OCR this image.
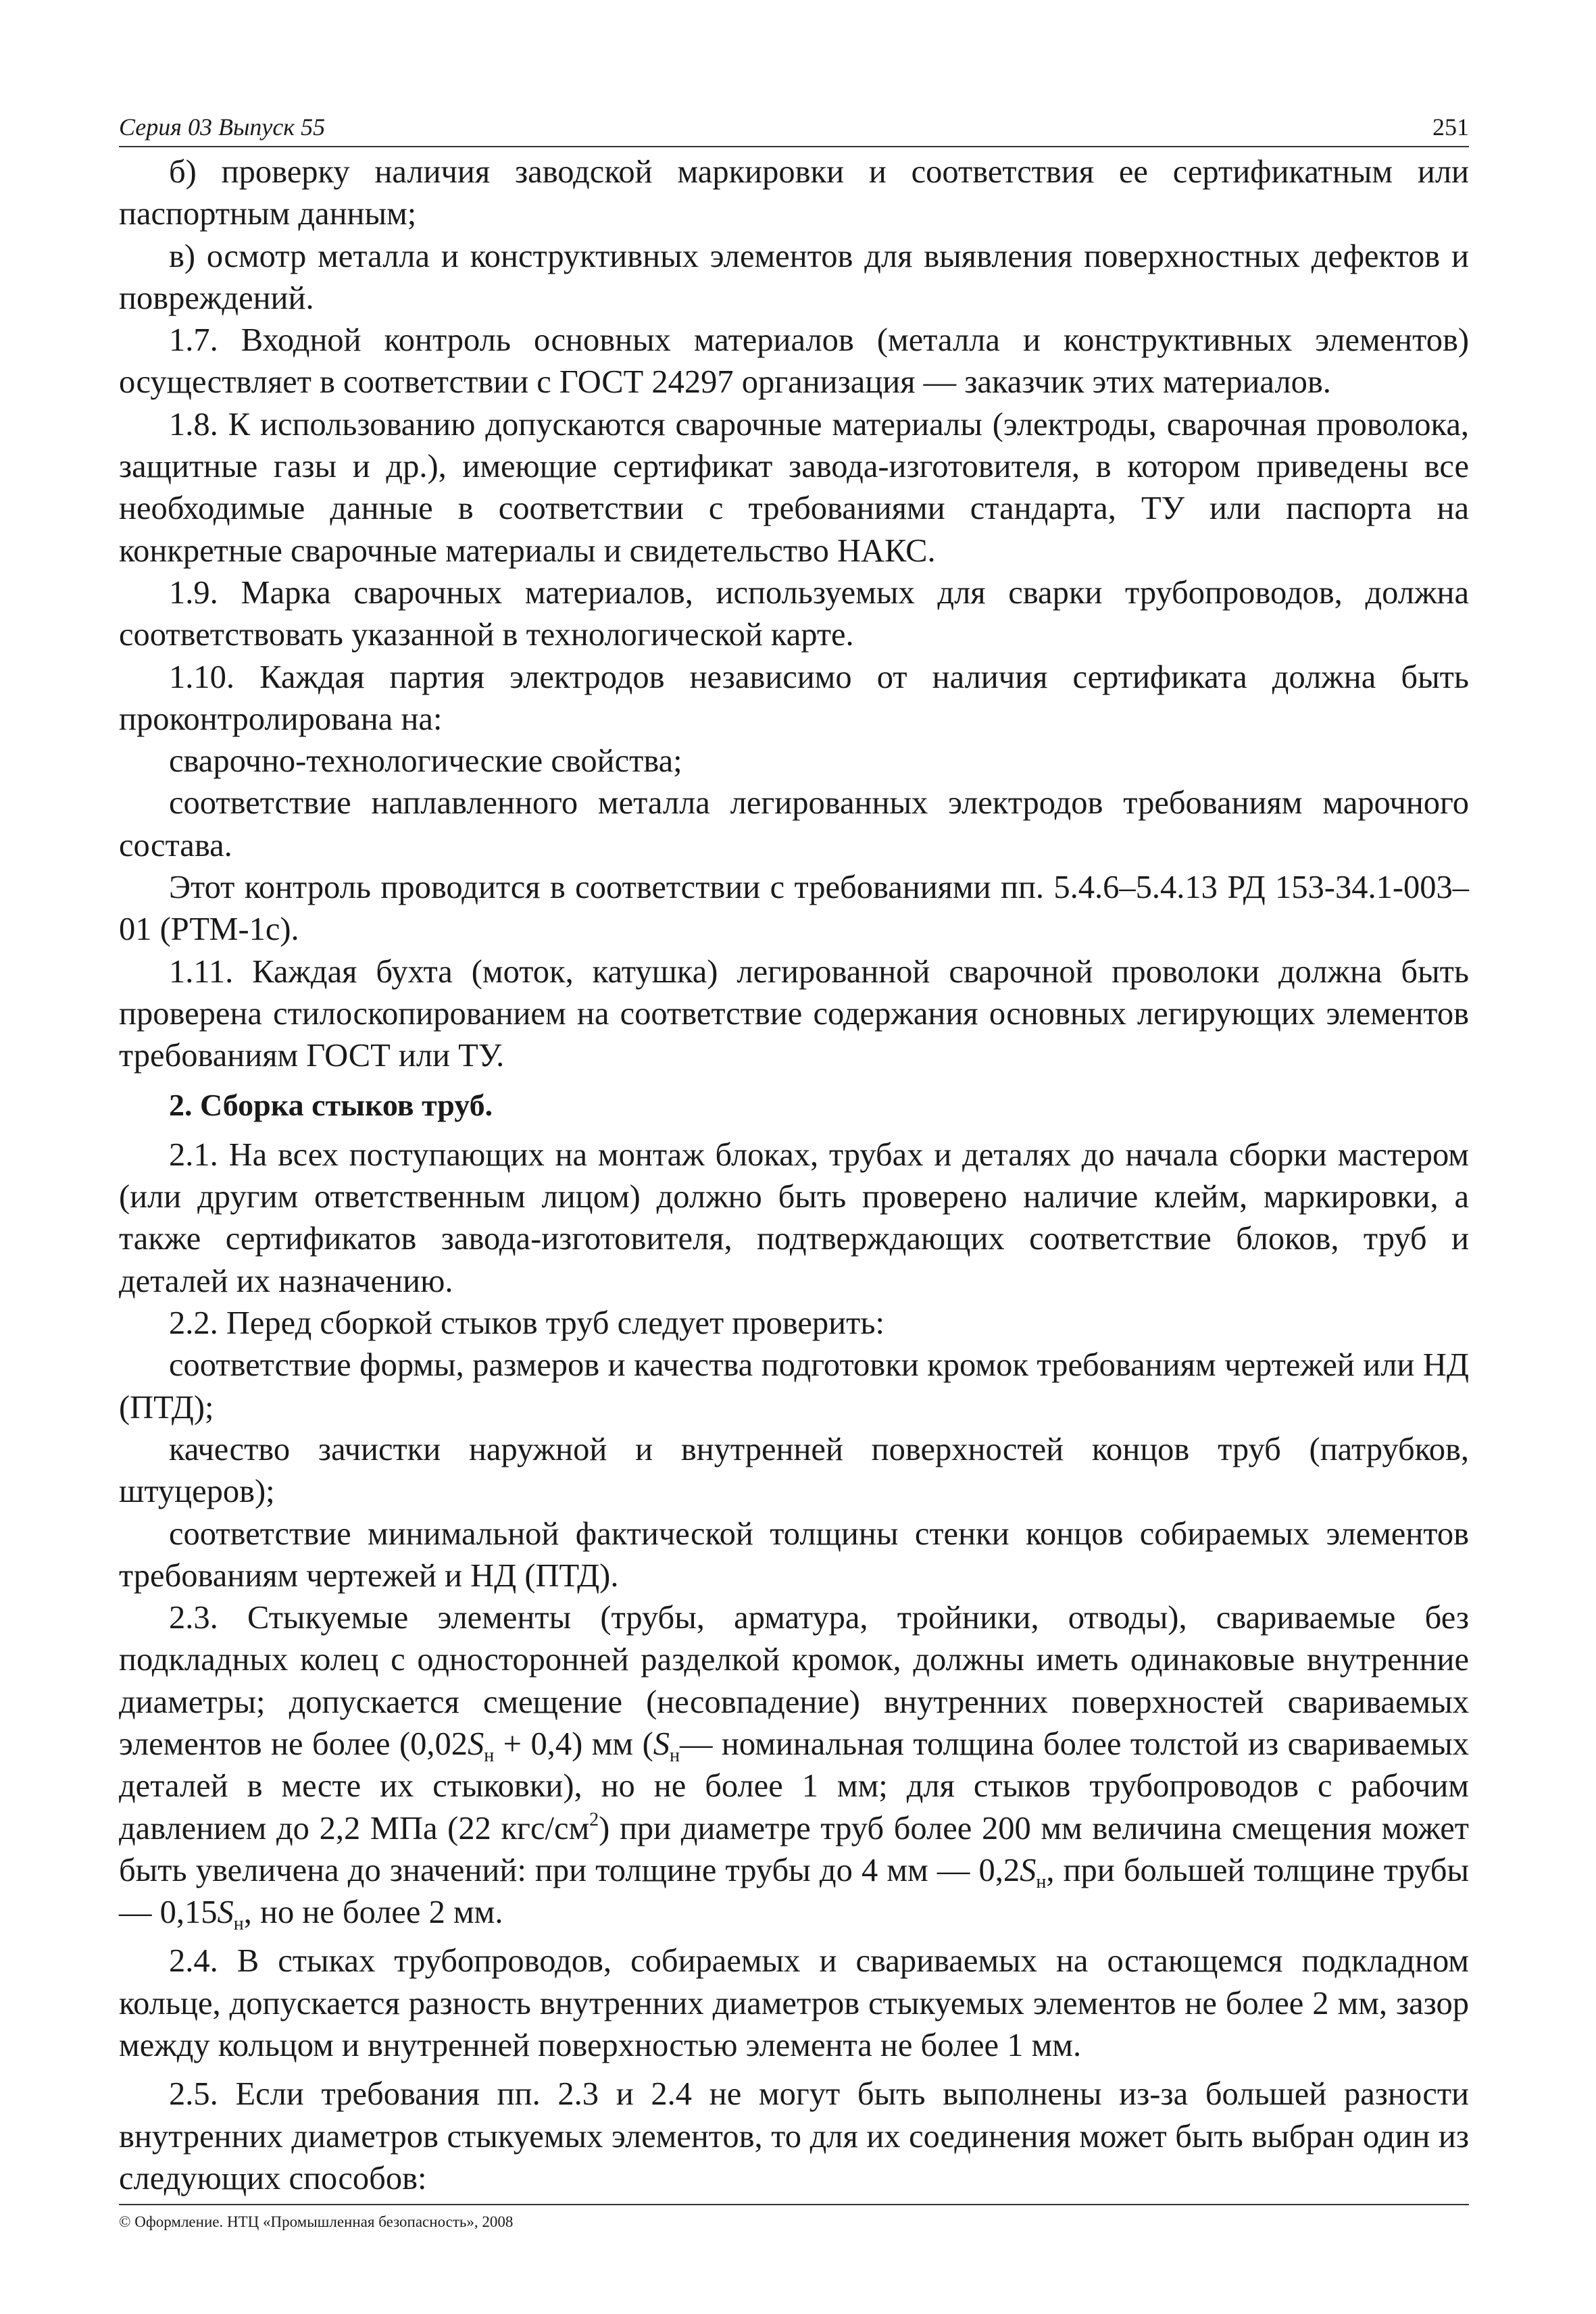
Серия 03 Выпуск 55	251

б) проверку наличия заводской маркировки и соответствия ее сертификатным или паспортным данным;

в) осмотр металла и конструктивных элементов для выявления поверхностных дефектов и повреждений.

1.7. Входной контроль основных материалов (металла и конструктивных элементов) осуществляет в соответствии с ГОСТ 24297 организация — заказчик этих материалов.

1.8. К использованию допускаются сварочные материалы (электроды, сварочная проволока, защитные газы и др.), имеющие сертификат завода-изготовителя, в котором приведены все необходимые данные в соответствии с требованиями стандарта, ТУ или паспорта на конкретные сварочные материалы и свидетельство НАКС.

1.9. Марка сварочных материалов, используемых для сварки трубопроводов, должна соответствовать указанной в технологической карте.

1.10. Каждая партия электродов независимо от наличия сертификата должна быть проконтролирована на:

сварочно-технологические свойства;

соответствие наплавленного металла легированных электродов требованиям марочного состава.

Этот контроль проводится в соответствии с требованиями пп. 5.4.6–5.4.13 РД 153-34.1-003–01 (РТМ-1с).

1.11. Каждая бухта (моток, катушка) легированной сварочной проволоки должна быть проверена стилоскопированием на соответствие содержания основных легирующих элементов требованиям ГОСТ или ТУ.

2. Сборка стыков труб.

2.1. На всех поступающих на монтаж блоках, трубах и деталях до начала сборки мастером (или другим ответственным лицом) должно быть проверено наличие клейм, маркировки, а также сертификатов завода-изготовителя, подтверждающих соответствие блоков, труб и деталей их назначению.

2.2. Перед сборкой стыков труб следует проверить:

соответствие формы, размеров и качества подготовки кромок требованиям чертежей или НД (ПТД);

качество зачистки наружной и внутренней поверхностей концов труб (патрубков, штуцеров);

соответствие минимальной фактической толщины стенки концов собираемых элементов требованиям чертежей и НД (ПТД).

2.3. Стыкуемые элементы (трубы, арматура, тройники, отводы), свариваемые без подкладных колец с односторонней разделкой кромок, должны иметь одинаковые внутренние диаметры; допускается смещение (несовпадение) внутренних поверхностей свариваемых элементов не более $(0,02S_н + 0,4)$ мм ($S_н—$ номинальная толщина более толстой из свариваемых деталей в месте их стыковки), но не более 1 мм; для стыков трубопроводов с рабочим давлением до 2,2 МПа (22 кгс/$см^2$) при диаметре труб более 200 мм величина смещения может быть увеличена до значений: при толщине трубы до 4 мм — $0,2S_н$, при большей толщине трубы — $0,15S_н$, но не более 2 мм.

2.4. В стыках трубопроводов, собираемых и свариваемых на остающемся подкладном кольце, допускается разность внутренних диаметров стыкуемых элементов не более 2 мм, зазор между кольцом и внутренней поверхностью элемента не более 1 мм.

2.5. Если требования пп. 2.3 и 2.4 не могут быть выполнены из-за большей разности внутренних диаметров стыкуемых элементов, то для их соединения может быть выбран один из следующих способов:

© Оформление. НТЦ «Промышленная безопасность», 2008
